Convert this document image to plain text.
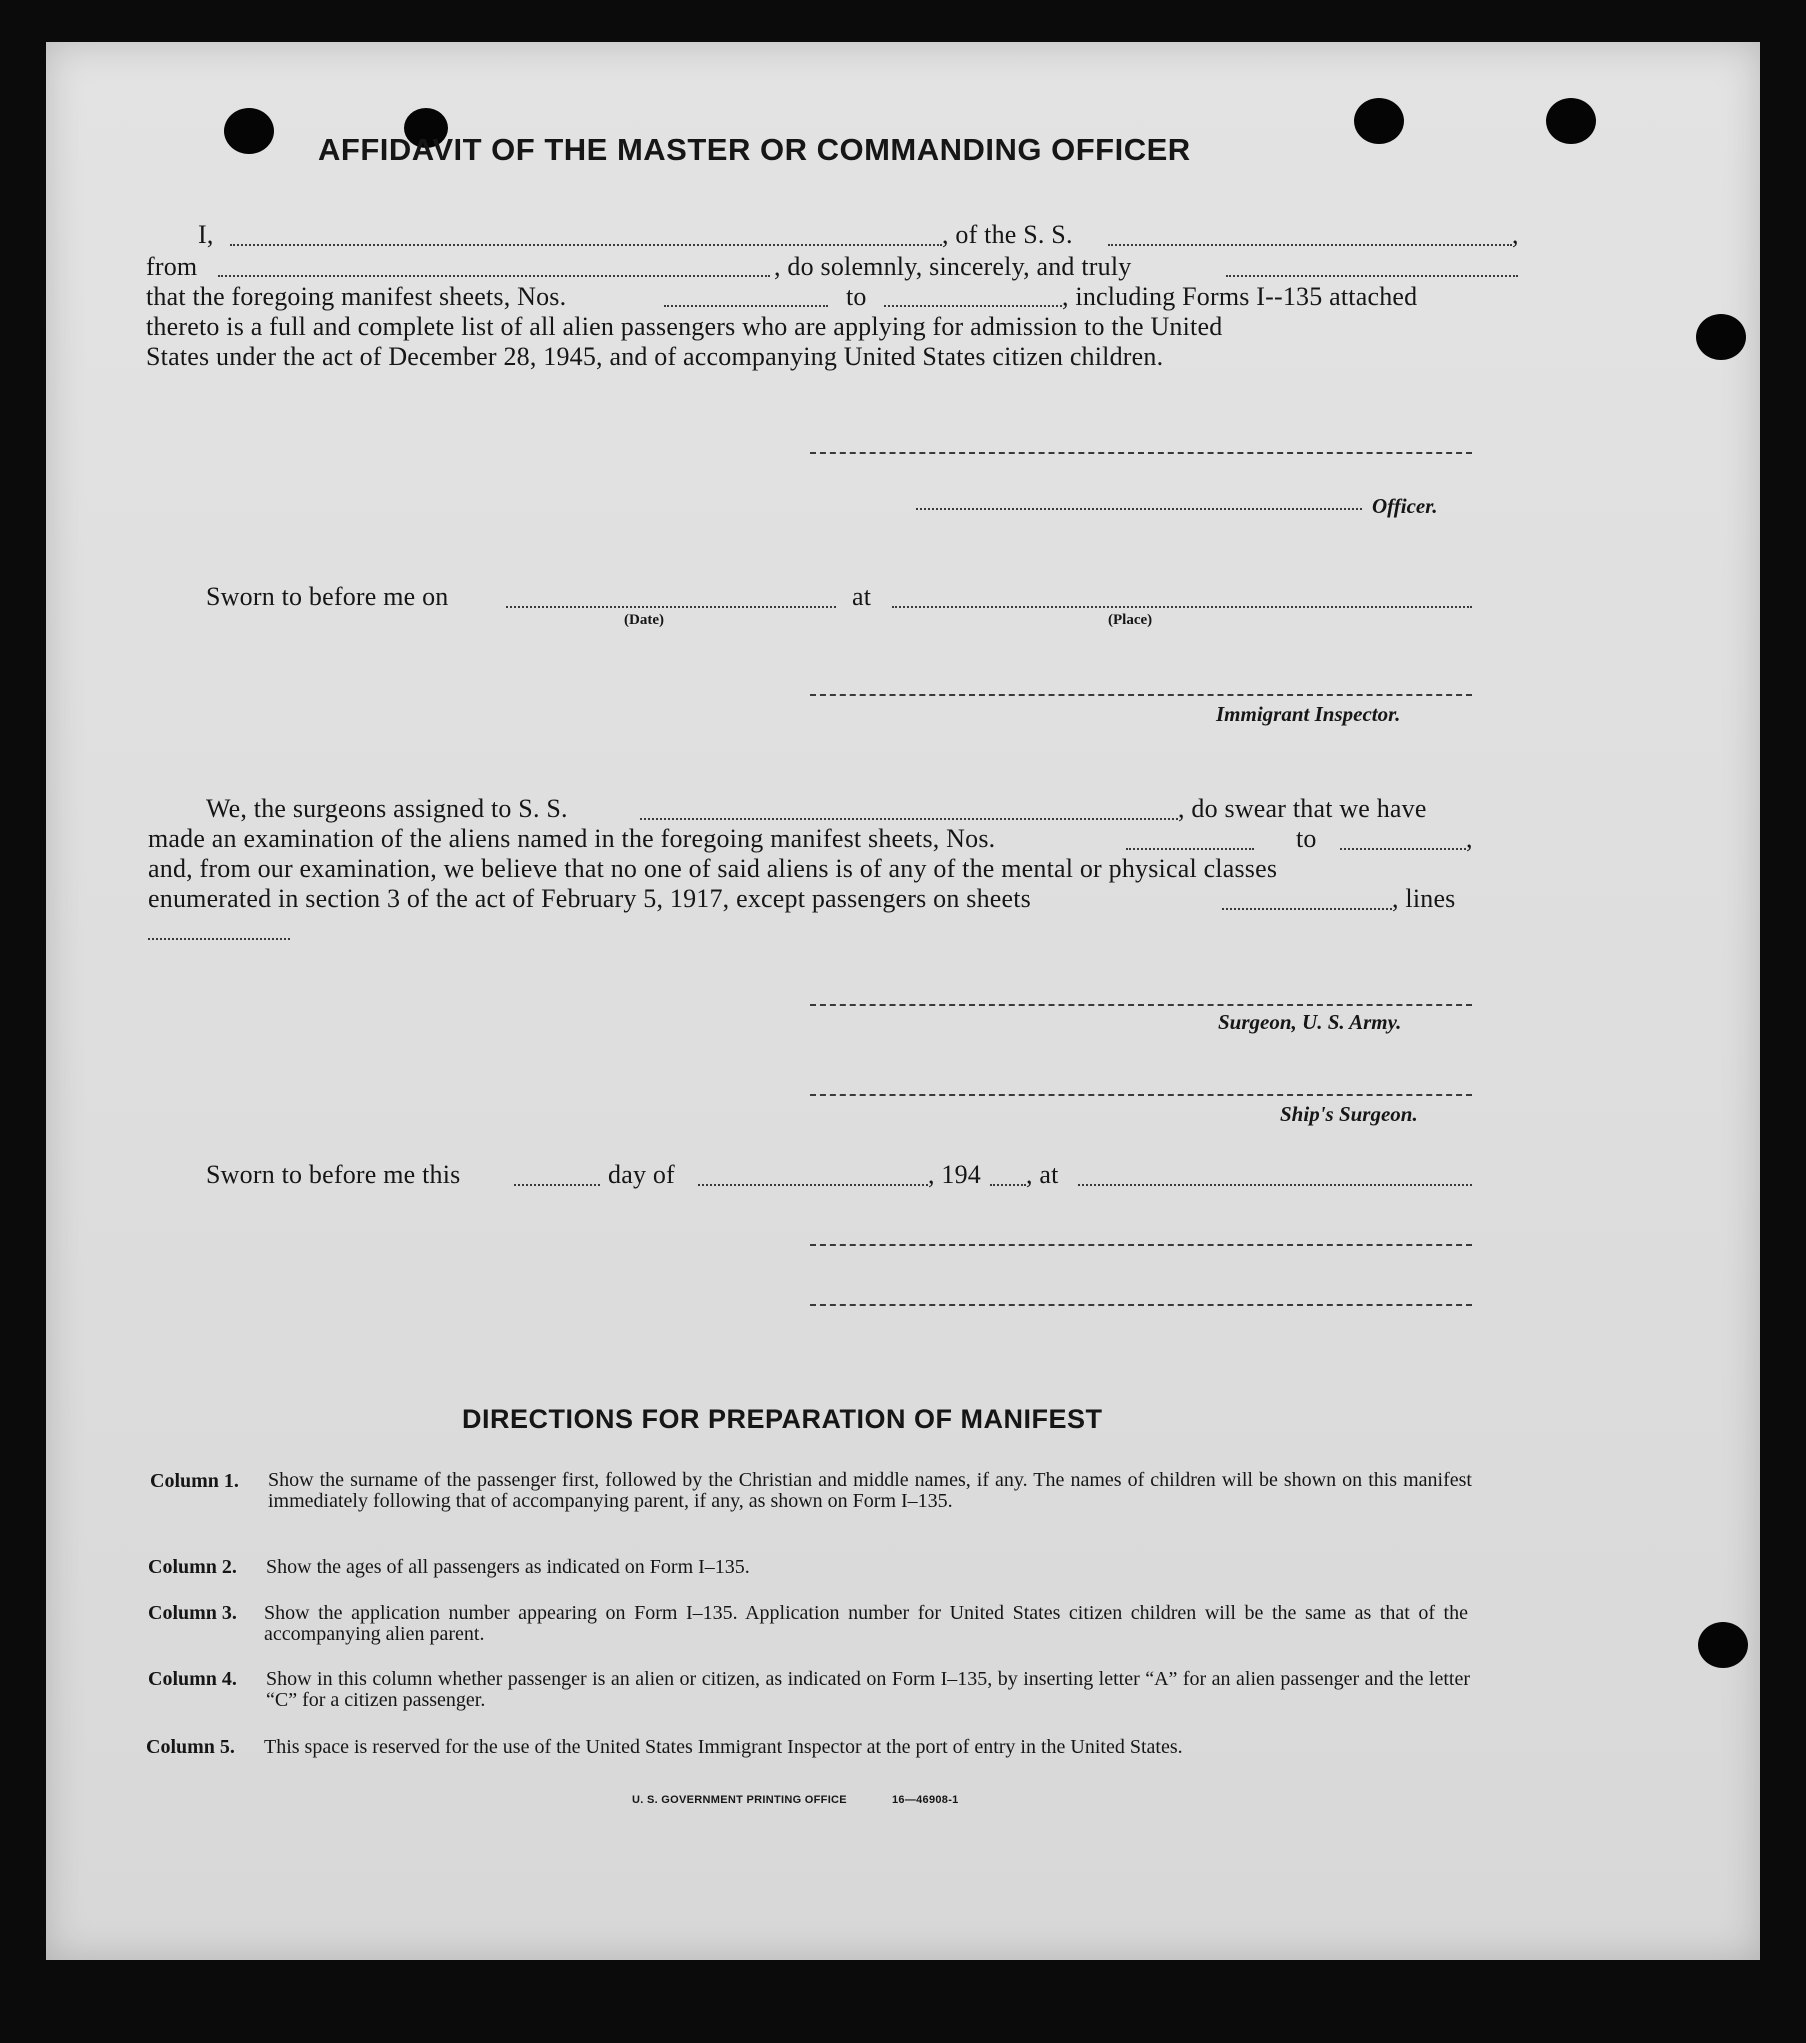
AFFIDAVIT OF THE MASTER OR COMMANDING OFFICER
I,	, of the S. S.	,
from	, do solemnly, sincerely, and truly
that the foregoing manifest sheets, Nos.	to	, including Forms I--135 attached
thereto is a full and complete list of all alien passengers who are applying for admission to the United
States under the act of December 28, 1945, and of accompanying United States citizen children.
Officer.
Sworn to before me on
(Date)
at
(Place)
Immigrant Inspector.
We, the surgeons assigned to S. S.	, do swear that we have
made an examination of the aliens named in the foregoing manifest sheets, Nos.	to	,
and, from our examination, we believe that no one of said aliens is of any of the mental or physical classes
enumerated in section 3 of the act of February 5, 1917, except passengers on sheets	, lines
Surgeon, U. S. Army.
Ship's Surgeon.
Sworn to before me this	day of	, 194 , at
DIRECTIONS FOR PREPARATION OF MANIFEST
Column 1. Show the surname of the passenger first, followed by the Christian and middle names, if any. The names of children will be shown on this manifest immediately following that of accompanying parent, if any, as shown on Form I–135.
Column 2. Show the ages of all passengers as indicated on Form I–135.
Column 3. Show the application number appearing on Form I–135. Application number for United States citizen children will be the same as that of the accompanying alien parent.
Column 4. Show in this column whether passenger is an alien or citizen, as indicated on Form I–135, by inserting letter “A” for an alien passenger and the letter “C” for a citizen passenger.
Column 5. This space is reserved for the use of the United States Immigrant Inspector at the port of entry in the United States.
U. S. GOVERNMENT PRINTING OFFICE	16—46908-1
